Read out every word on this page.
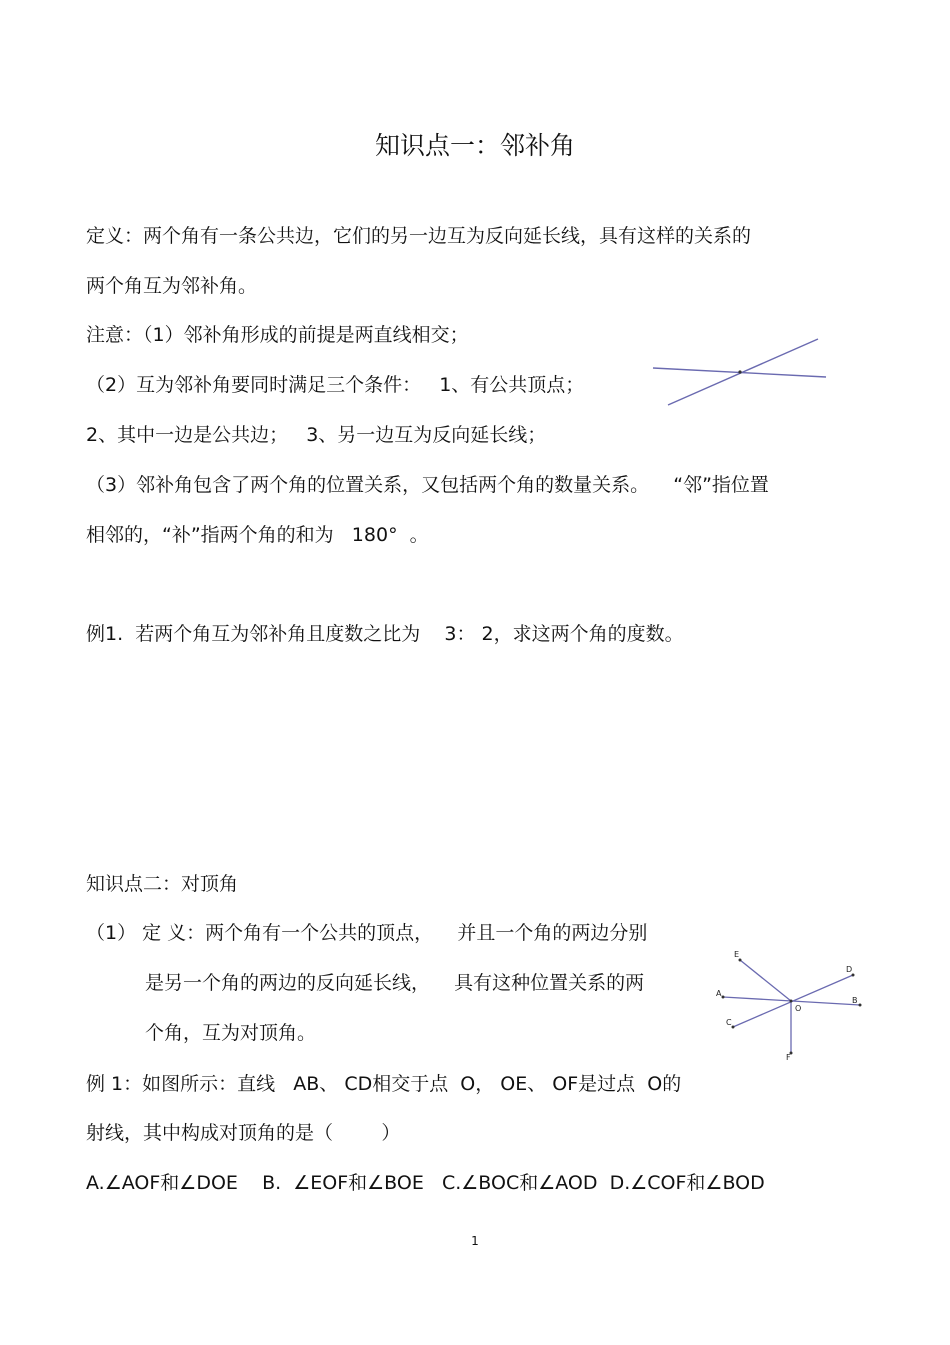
知识点一：邻补角
定义：两个角有一条公共边，它们的另一边互为反向延长线，具有这样的关系的
两个角互为邻补角。
注意：（1）邻补角形成的前提是两直线相交；
（2）互为邻补角要同时满足三个条件：   1、有公共顶点；
2、其中一边是公共边；   3、另一边互为反向延长线；
（3）邻补角包含了两个角的位置关系，又包括两个角的数量关系。    “邻”指位置
相邻的，“补”指两个角的和为   180°  。
例1.  若两个角互为邻补角且度数之比为    3： 2，求这两个角的度数。
知识点二：对顶角
（1） 定 义：两个角有一个公共的顶点，    并且一个角的两边分别
是另一个角的两边的反向延长线，    具有这种位置关系的两
个角，互为对顶角。
例 1：如图所示：直线   AB、 CD相交于点  O， OE、 OF是过点  O的
射线，其中构成对顶角的是（        ）
A.∠AOF和∠DOE    B.  ∠EOF和∠BOE   C.∠BOC和∠AOD  D.∠COF和∠BOD
E
D
A
B
O
C
F
1
